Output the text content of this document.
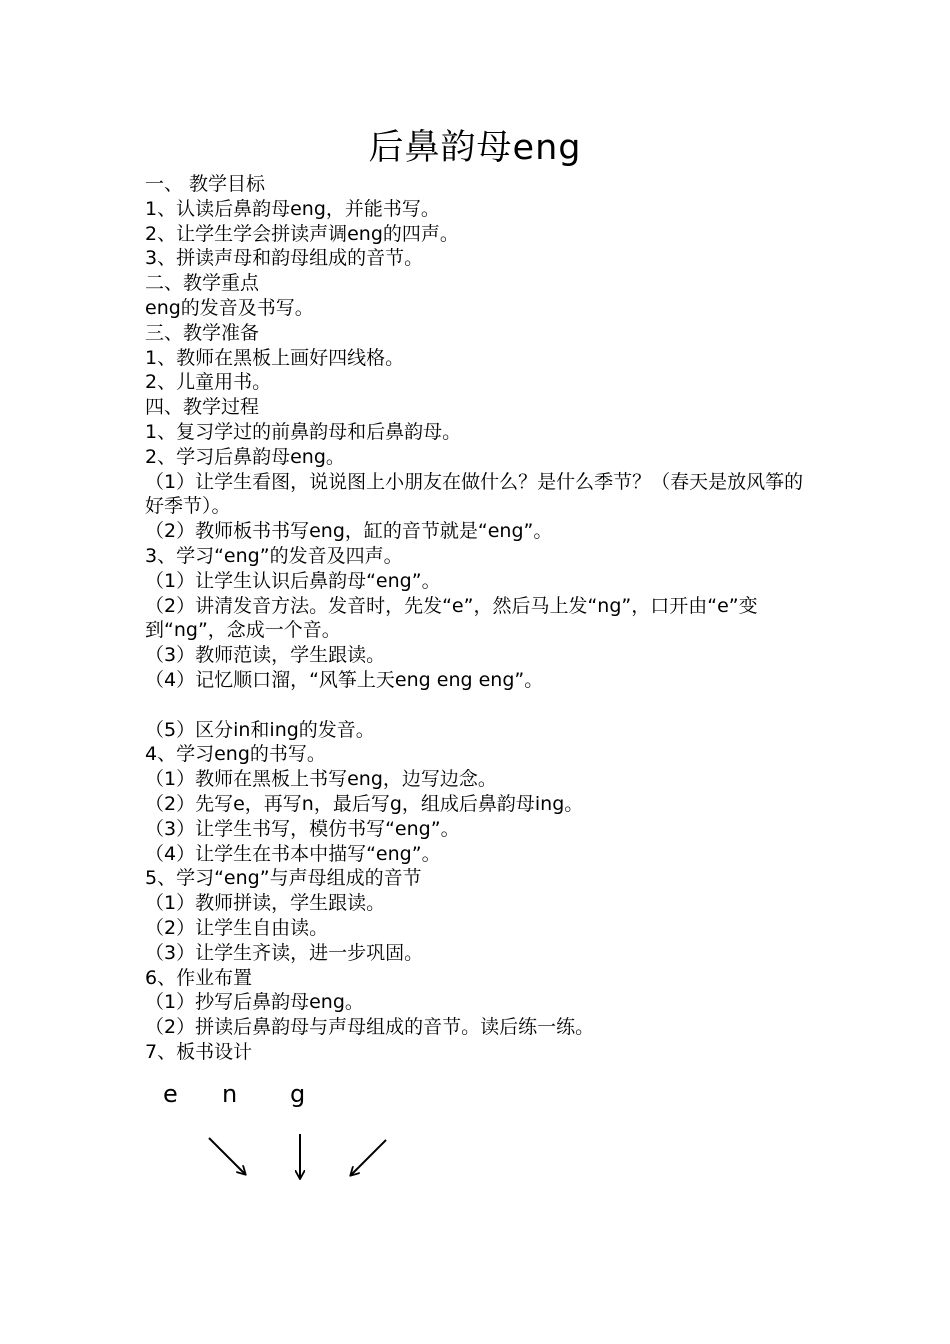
后鼻韵母eng

一、 教学目标

1、认读后鼻韵母eng，并能书写。

2、让学生学会拼读声调eng的四声。

3、拼读声母和韵母组成的音节。

二、教学重点

eng的发音及书写。

三、教学准备

1、教师在黑板上画好四线格。

2、儿童用书。

四、教学过程

1、复习学过的前鼻韵母和后鼻韵母。

2、学习后鼻韵母eng。

（1）让学生看图，说说图上小朋友在做什么？是什么季节？（春天是放风筝的好季节）。

（2）教师板书书写eng，缸的音节就是“eng”。

3、学习“eng”的发音及四声。

（1）让学生认识后鼻韵母“eng”。

（2）讲清发音方法。发音时，先发“e”，然后马上发“ng”，口开由“e”变到“ng”，念成一个音。

（3）教师范读，学生跟读。

（4）记忆顺口溜，“风筝上天eng eng eng”。

（5）区分in和ing的发音。

4、学习eng的书写。

（1）教师在黑板上书写eng，边写边念。

（2）先写e，再写n，最后写g，组成后鼻韵母ing。

（3）让学生书写，模仿书写“eng”。

（4）让学生在书本中描写“eng”。

5、学习“eng”与声母组成的音节

（1）教师拼读，学生跟读。

（2）让学生自由读。

（3）让学生齐读，进一步巩固。

6、作业布置

（1）抄写后鼻韵母eng。

（2）拼读后鼻韵母与声母组成的音节。读后练一练。

7、板书设计

e n g
